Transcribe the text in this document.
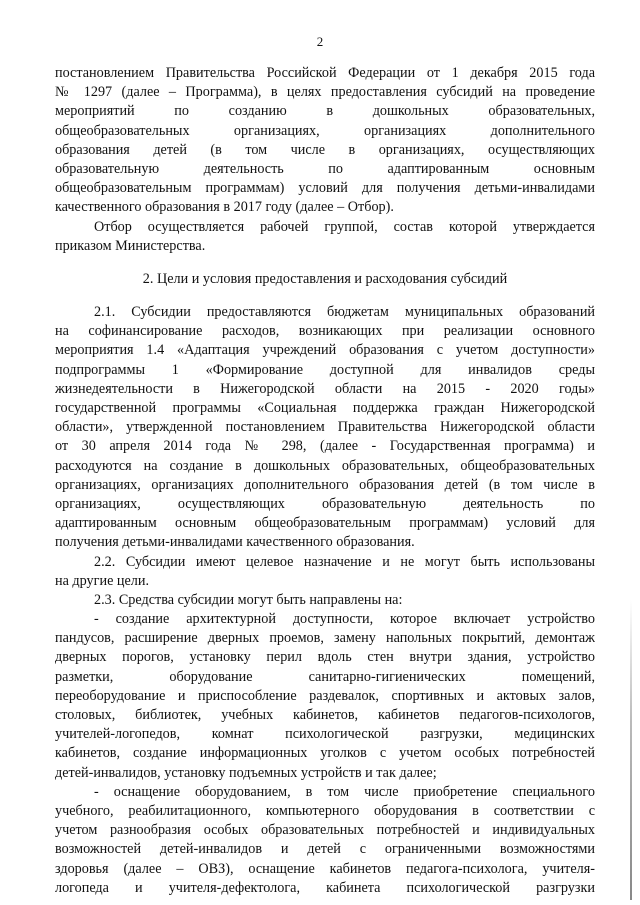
2
постановлением Правительства Российской Федерации от 1 декабря 2015 года
№ 1297 (далее – Программа), в целях предоставления субсидий на проведение
мероприятий по созданию в дошкольных образовательных,
общеобразовательных организациях, организациях дополнительного
образования детей (в том числе в организациях, осуществляющих
образовательную деятельность по адаптированным основным
общеобразовательным программам) условий для получения детьми-инвалидами
качественного образования в 2017 году (далее – Отбор).
Отбор осуществляется рабочей группой, состав которой утверждается
приказом Министерства.
2. Цели и условия предоставления и расходования субсидий
2.1. Субсидии предоставляются бюджетам муниципальных образований
на софинансирование расходов, возникающих при реализации основного
мероприятия 1.4 «Адаптация учреждений образования с учетом доступности»
подпрограммы 1 «Формирование доступной для инвалидов среды
жизнедеятельности в Нижегородской области на 2015 - 2020 годы»
государственной программы «Социальная поддержка граждан Нижегородской
области», утвержденной постановлением Правительства Нижегородской области
от 30 апреля 2014 года № 298, (далее - Государственная программа) и
расходуются на создание в дошкольных образовательных, общеобразовательных
организациях, организациях дополнительного образования детей (в том числе в
организациях, осуществляющих образовательную деятельность по
адаптированным основным общеобразовательным программам) условий для
получения детьми-инвалидами качественного образования.
2.2. Субсидии имеют целевое назначение и не могут быть использованы
на другие цели.
2.3. Средства субсидии могут быть направлены на:
- создание архитектурной доступности, которое включает устройство
пандусов, расширение дверных проемов, замену напольных покрытий, демонтаж
дверных порогов, установку перил вдоль стен внутри здания, устройство
разметки, оборудование санитарно-гигиенических помещений,
переоборудование и приспособление раздевалок, спортивных и актовых залов,
столовых, библиотек, учебных кабинетов, кабинетов педагогов-психологов,
учителей-логопедов, комнат психологической разгрузки, медицинских
кабинетов, создание информационных уголков с учетом особых потребностей
детей-инвалидов, установку подъемных устройств и так далее;
- оснащение оборудованием, в том числе приобретение специального
учебного, реабилитационного, компьютерного оборудования в соответствии с
учетом разнообразия особых образовательных потребностей и индивидуальных
возможностей детей-инвалидов и детей с ограниченными возможностями
здоровья (далее – ОВЗ), оснащение кабинетов педагога-психолога, учителя-
логопеда и учителя-дефектолога, кабинета психологической разгрузки
